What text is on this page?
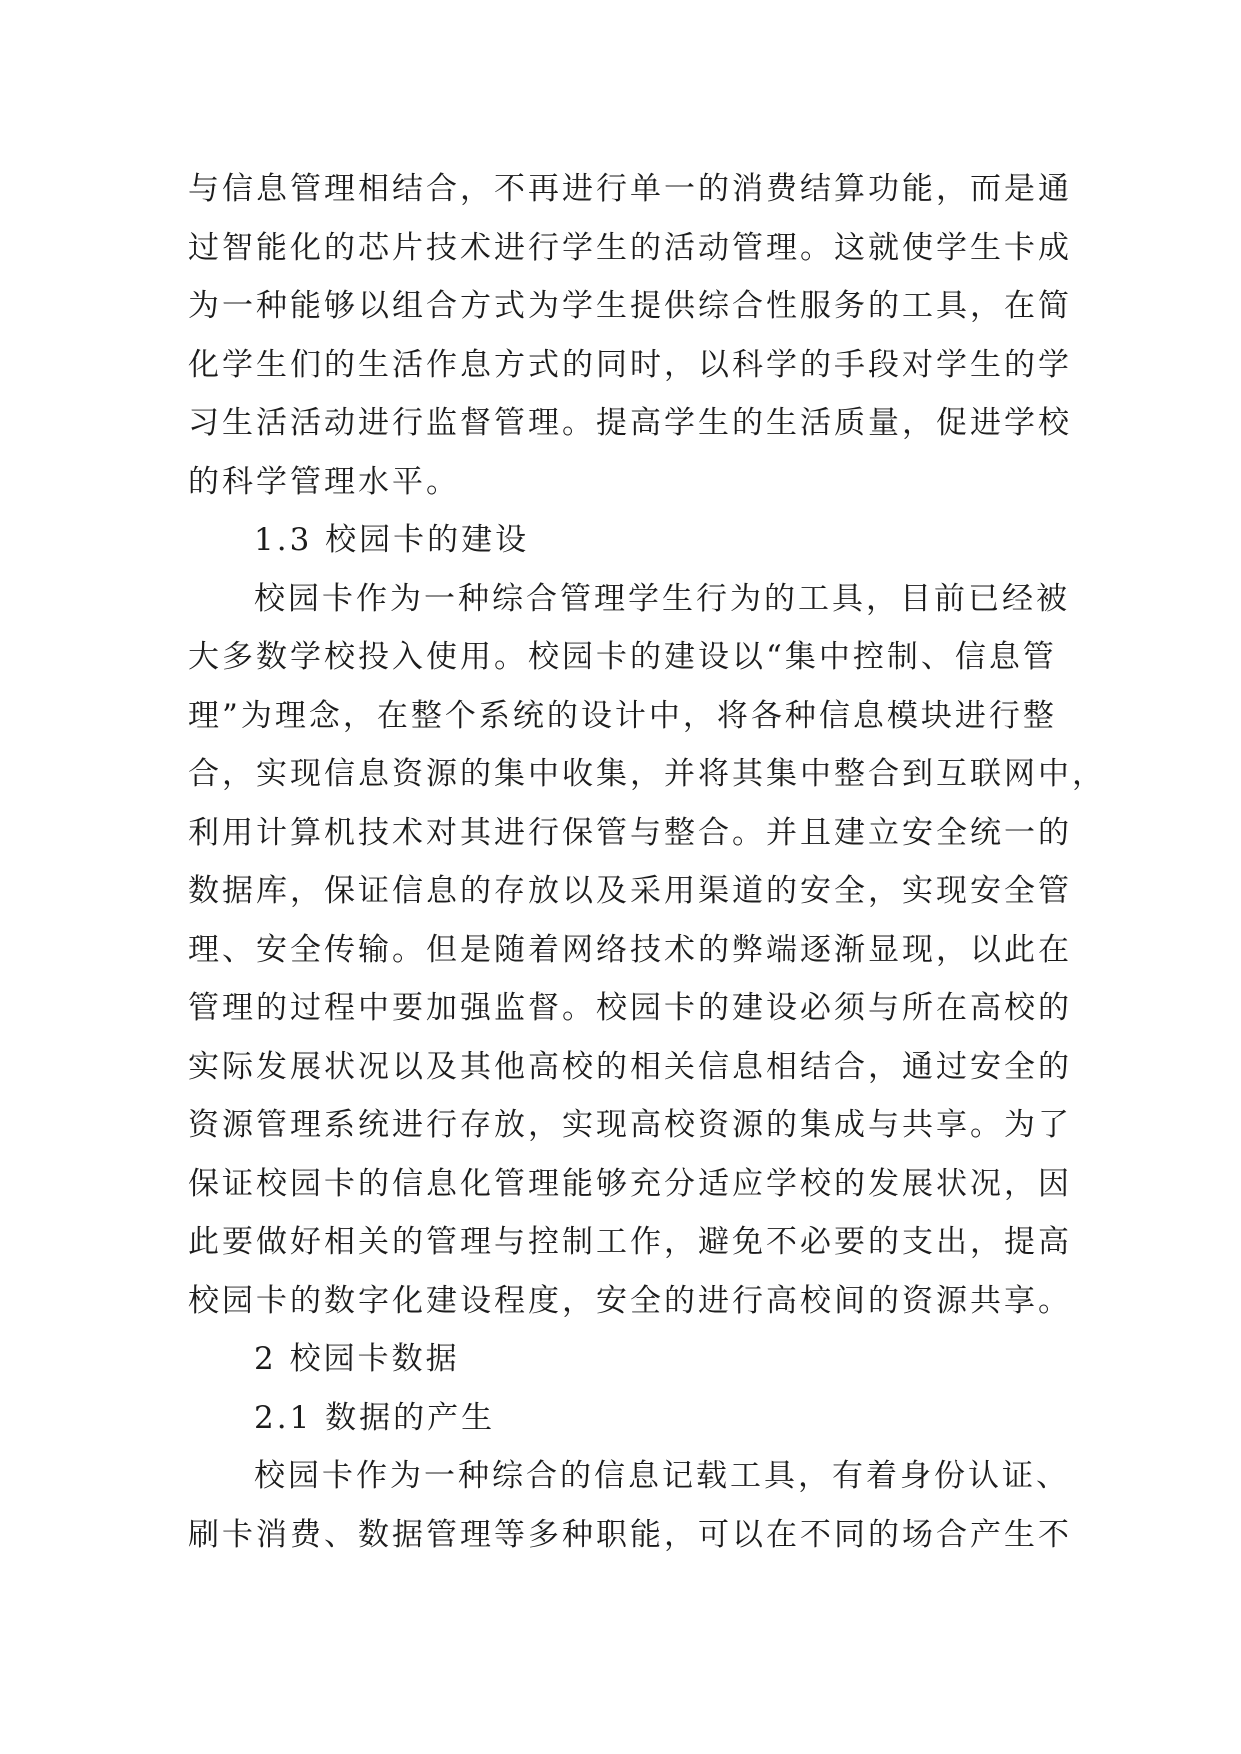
与信息管理相结合，不再进行单一的消费结算功能，而是通
过智能化的芯片技术进行学生的活动管理。这就使学生卡成
为一种能够以组合方式为学生提供综合性服务的工具，在简
化学生们的生活作息方式的同时，以科学的手段对学生的学
习生活活动进行监督管理。提高学生的生活质量，促进学校
的科学管理水平。
1.3 校园卡的建设
校园卡作为一种综合管理学生行为的工具，目前已经被
大多数学校投入使用。校园卡的建设以“集中控制、信息管
理”为理念，在整个系统的设计中，将各种信息模块进行整
合，实现信息资源的集中收集，并将其集中整合到互联网中，
利用计算机技术对其进行保管与整合。并且建立安全统一的
数据库，保证信息的存放以及采用渠道的安全，实现安全管
理、安全传输。但是随着网络技术的弊端逐渐显现，以此在
管理的过程中要加强监督。校园卡的建设必须与所在高校的
实际发展状况以及其他高校的相关信息相结合，通过安全的
资源管理系统进行存放，实现高校资源的集成与共享。为了
保证校园卡的信息化管理能够充分适应学校的发展状况，因
此要做好相关的管理与控制工作，避免不必要的支出，提高
校园卡的数字化建设程度，安全的进行高校间的资源共享。
2 校园卡数据
2.1 数据的产生
校园卡作为一种综合的信息记载工具，有着身份认证、
刷卡消费、数据管理等多种职能，可以在不同的场合产生不
